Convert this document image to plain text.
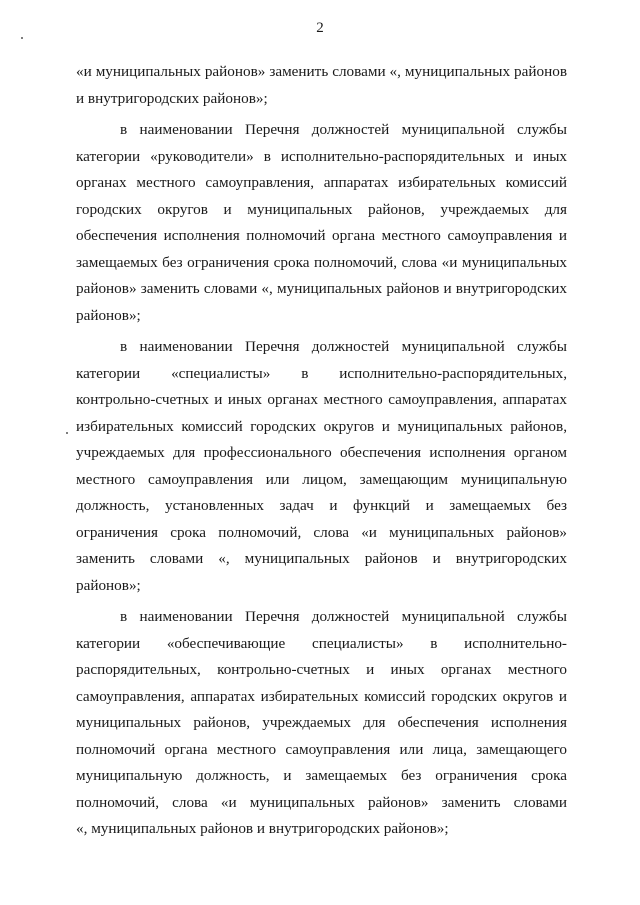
2
«и муниципальных районов» заменить словами «, муниципальных районов
и внутригородских районов»;
в наименовании Перечня должностей муниципальной службы
категории «руководители» в исполнительно-распорядительных и иных
органах местного самоуправления, аппаратах избирательных комиссий
городских округов и муниципальных районов, учреждаемых для
обеспечения исполнения полномочий органа местного самоуправления и
замещаемых без ограничения срока полномочий, слова «и муниципальных
районов» заменить словами «, муниципальных районов и внутригородских
районов»;
в наименовании Перечня должностей муниципальной службы
категории «специалисты» в исполнительно-распорядительных,
контрольно-счетных и иных органах местного самоуправления, аппаратах
избирательных комиссий городских округов и муниципальных районов,
учреждаемых для профессионального обеспечения исполнения органом
местного самоуправления или лицом, замещающим муниципальную
должность, установленных задач и функций и замещаемых без
ограничения срока полномочий, слова «и муниципальных районов»
заменить словами «, муниципальных районов и внутригородских
районов»;
в наименовании Перечня должностей муниципальной службы
категории «обеспечивающие специалисты» в исполнительно-
распорядительных, контрольно-счетных и иных органах местного
самоуправления, аппаратах избирательных комиссий городских округов и
муниципальных районов, учреждаемых для обеспечения исполнения
полномочий органа местного самоуправления или лица, замещающего
муниципальную должность, и замещаемых без ограничения срока
полномочий, слова «и муниципальных районов» заменить словами
«, муниципальных районов и внутригородских районов»;
